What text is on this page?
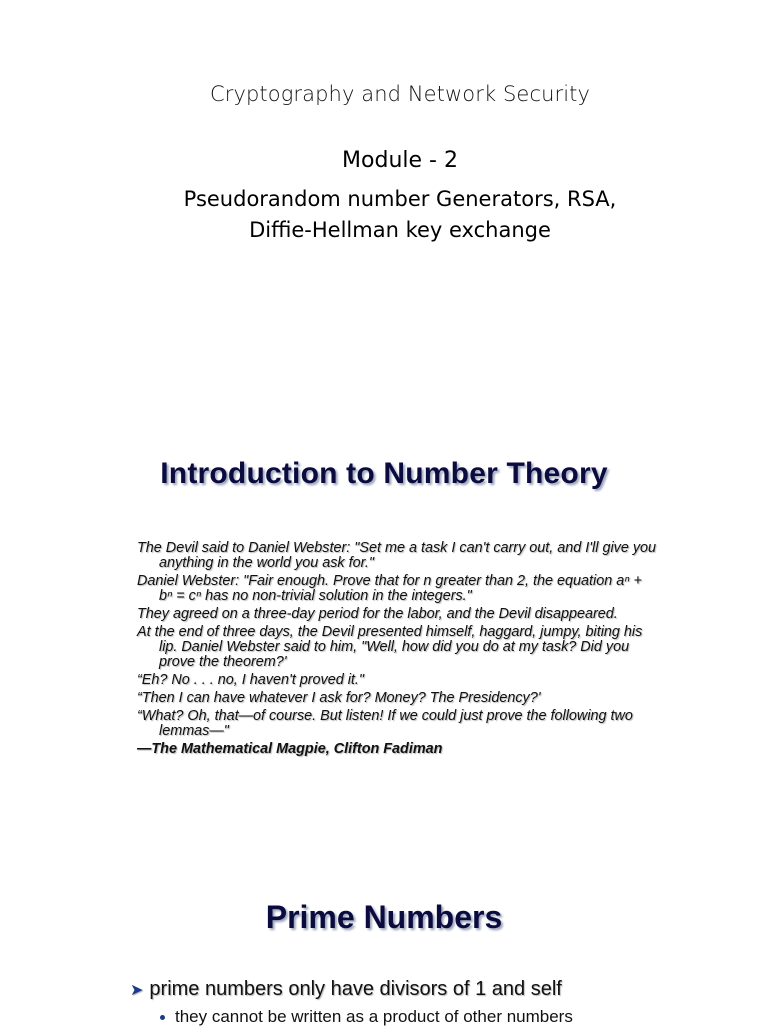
Cryptography and Network Security
Module - 2
Pseudorandom number Generators, RSA,
Diffie-Hellman key exchange
Introduction to Number Theory

The Devil said to Daniel Webster: "Set me a task I can't carry out, and I'll give you anything in the world you ask for."

Daniel Webster: "Fair enough. Prove that for n greater than 2, the equation aⁿ + bⁿ = cⁿ has no non-trivial solution in the integers."

They agreed on a three-day period for the labor, and the Devil disappeared.

At the end of three days, the Devil presented himself, haggard, jumpy, biting his lip. Daniel Webster said to him, "Well, how did you do at my task? Did you prove the theorem?'

“Eh? No . . . no, I haven't proved it."

“Then I can have whatever I ask for? Money? The Presidency?'

“What? Oh, that—of course. But listen! If we could just prove the following two lemmas—"

—The Mathematical Magpie, Clifton Fadiman

Prime Numbers
➤ prime numbers only have divisors of 1 and self
they cannot be written as a product of other numbers
